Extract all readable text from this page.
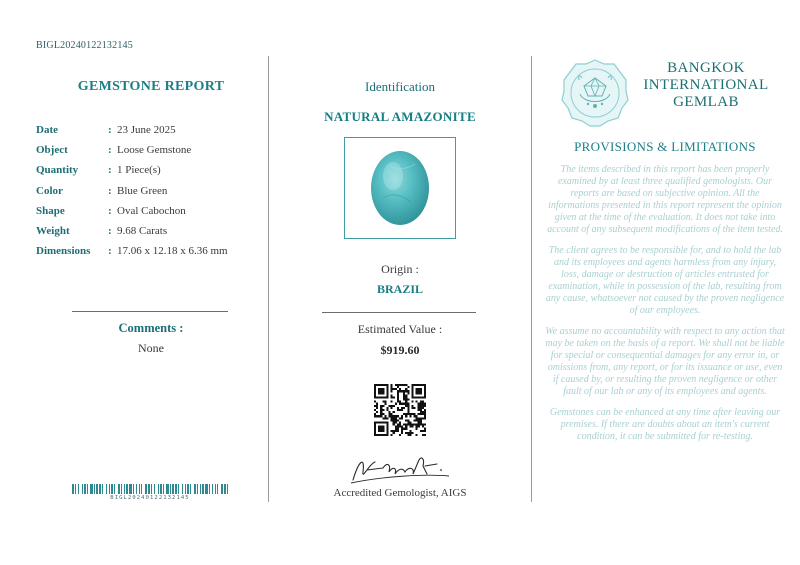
BIGL20240122132145
GEMSTONE REPORT
Date	:	23 June 2025
Object	:	Loose Gemstone
Quantity	:	1 Piece(s)
Color	:	Blue Green
Shape	:	Oval Cabochon
Weight	:	9.68 Carats
Dimensions	:	17.06 x 12.18 x 6.36 mm
Comments :
None
BIGL20240122132145
Identification
NATURAL AMAZONITE
Origin :
BRAZIL
Estimated Value :
$919.60
Accredited Gemologist, AIGS
BANGKOK
INTERNATIONAL
GEMLAB
PROVISIONS & LIMITATIONS

The items described in this report has been properly examined by at least three qualified gemologists. Our reports are based on subjective opinion. All the informations presented in this report represent the opinion given at the time of the evaluation. It does not take into account of any subsequent modifications of the item tested.

The client agrees to be responsible for, and to hold the lab and its employees and agents harmless from any injury, loss, damage or destruction of articles entrusted for examination, while in possession of the lab, resulting from any cause, whatsoever not caused by the proven negligence of our employees.

We assume no accountability with respect to any action that may be taken on the basis of a report. We shall not be liable for special or consequential damages for any error in, or omissions from, any report, or for its issuance or use, even if caused by, or resulting the proven negligence or other fault of our lab or any of its employees and agents.

Gemstones can be enhanced at any time after leaving our premises. If there are doubts about an item's current condition, it can be submitted for re-testing.
